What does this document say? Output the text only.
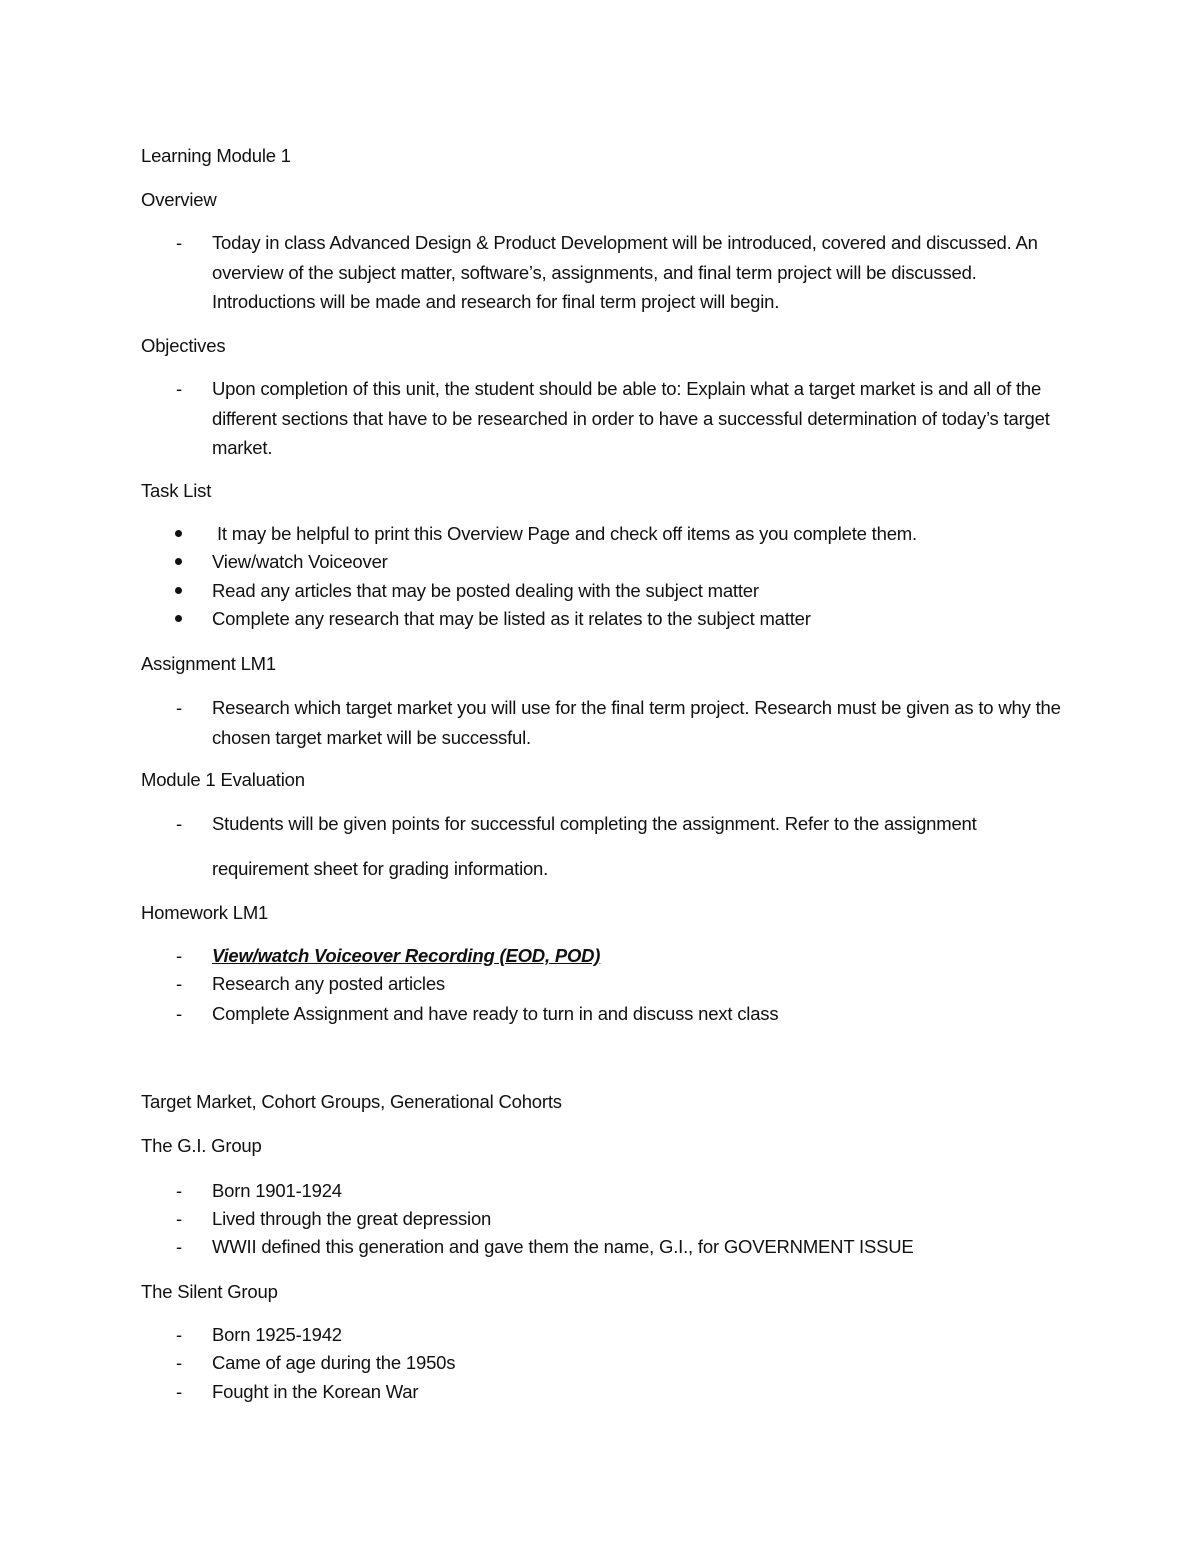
Learning Module 1
Overview
-
Today in class Advanced Design & Product Development will be introduced, covered and discussed. An overview of the subject matter, software’s, assignments, and final term project will be discussed. Introductions will be made and research for final term project will begin.
Objectives
-
Upon completion of this unit, the student should be able to: Explain what a target market is and all of the different sections that have to be researched in order to have a successful determination of today’s target market.
Task List
It may be helpful to print this Overview Page and check off items as you complete them.
View/watch Voiceover
Read any articles that may be posted dealing with the subject matter
Complete any research that may be listed as it relates to the subject matter
Assignment LM1
-
Research which target market you will use for the final term project. Research must be given as to why the chosen target market will be successful.
Module 1 Evaluation
-
Students will be given points for successful completing the assignment. Refer to the assignment
requirement sheet for grading information.
Homework LM1
-
View/watch Voiceover Recording (EOD, POD)
-
Research any posted articles
-
Complete Assignment and have ready to turn in and discuss next class
Target Market, Cohort Groups, Generational Cohorts
The G.I. Group
-
Born 1901-1924
-
Lived through the great depression
-
WWII defined this generation and gave them the name, G.I., for GOVERNMENT ISSUE
The Silent Group
-
Born 1925-1942
-
Came of age during the 1950s
-
Fought in the Korean War
